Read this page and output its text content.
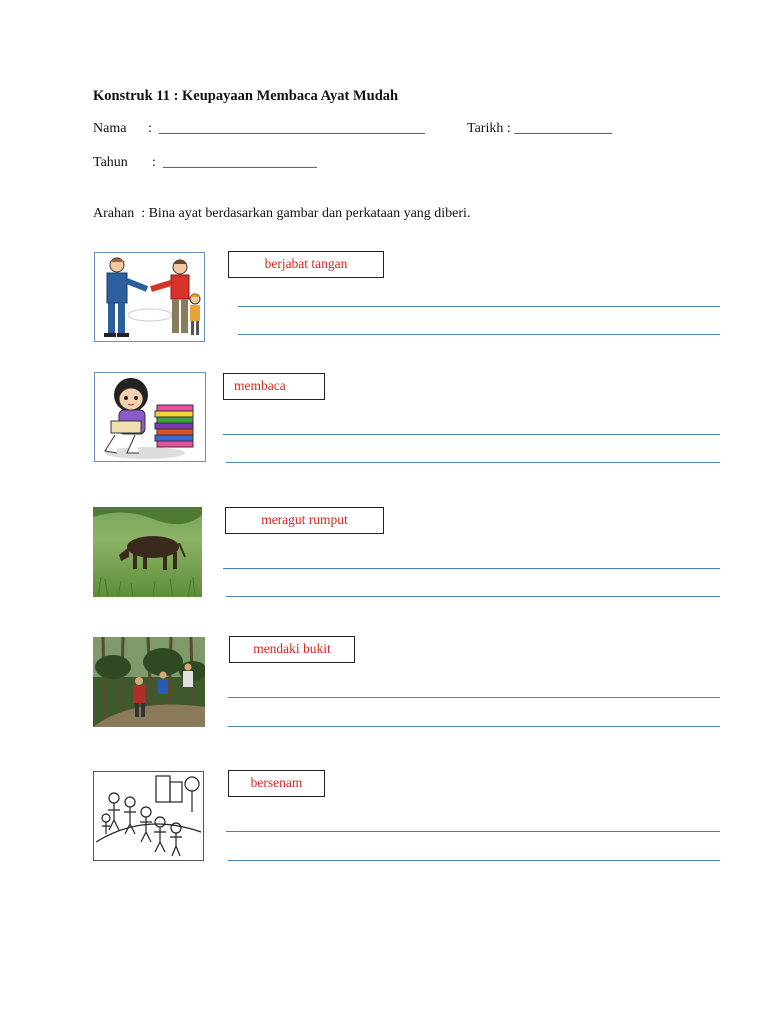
Konstruk 11 : Keupayaan Membaca Ayat Mudah
Nama :  ______________________________________	Tarikh : ______________
Tahun :  ______________________
Arahan  : Bina ayat berdasarkan gambar dan perkataan yang diberi.
berjabat tangan
membaca
meragut rumput
mendaki bukit
bersenam
